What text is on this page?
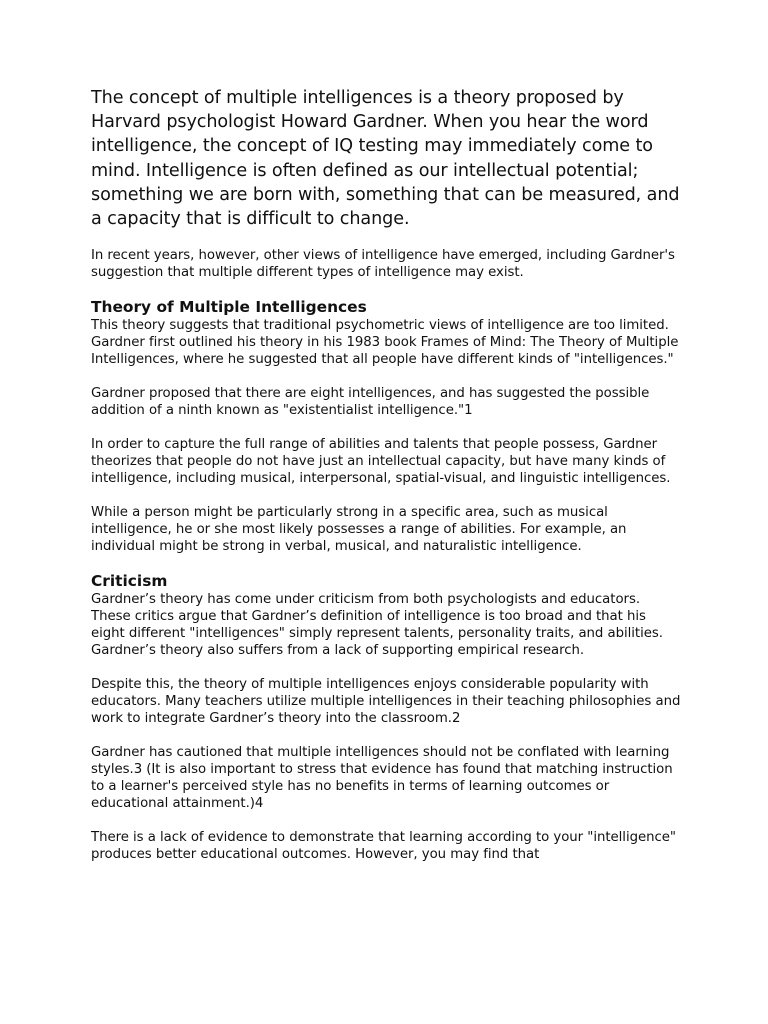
The concept of multiple intelligences is a theory proposed by Harvard psychologist Howard Gardner. When you hear the word intelligence, the concept of IQ testing may immediately come to mind. Intelligence is often defined as our intellectual potential; something we are born with, something that can be measured, and a capacity that is difficult to change.

In recent years, however, other views of intelligence have emerged, including Gardner's suggestion that multiple different types of intelligence may exist.

Theory of Multiple Intelligences

This theory suggests that traditional psychometric views of intelligence are too limited. Gardner first outlined his theory in his 1983 book Frames of Mind: The Theory of Multiple Intelligences, where he suggested that all people have different kinds of "intelligences."

Gardner proposed that there are eight intelligences, and has suggested the possible addition of a ninth known as "existentialist intelligence."1

In order to capture the full range of abilities and talents that people possess, Gardner theorizes that people do not have just an intellectual capacity, but have many kinds of intelligence, including musical, interpersonal, spatial-visual, and linguistic intelligences.

While a person might be particularly strong in a specific area, such as musical intelligence, he or she most likely possesses a range of abilities. For example, an individual might be strong in verbal, musical, and naturalistic intelligence.

Criticism

Gardner’s theory has come under criticism from both psychologists and educators. These critics argue that Gardner’s definition of intelligence is too broad and that his eight different "intelligences" simply represent talents, personality traits, and abilities. Gardner’s theory also suffers from a lack of supporting empirical research.

Despite this, the theory of multiple intelligences enjoys considerable popularity with educators. Many teachers utilize multiple intelligences in their teaching philosophies and work to integrate Gardner’s theory into the classroom.2

Gardner has cautioned that multiple intelligences should not be conflated with learning styles.3 (It is also important to stress that evidence has found that matching instruction to a learner's perceived style has no benefits in terms of learning outcomes or educational attainment.)4

There is a lack of evidence to demonstrate that learning according to your "intelligence" produces better educational outcomes. However, you may find that
